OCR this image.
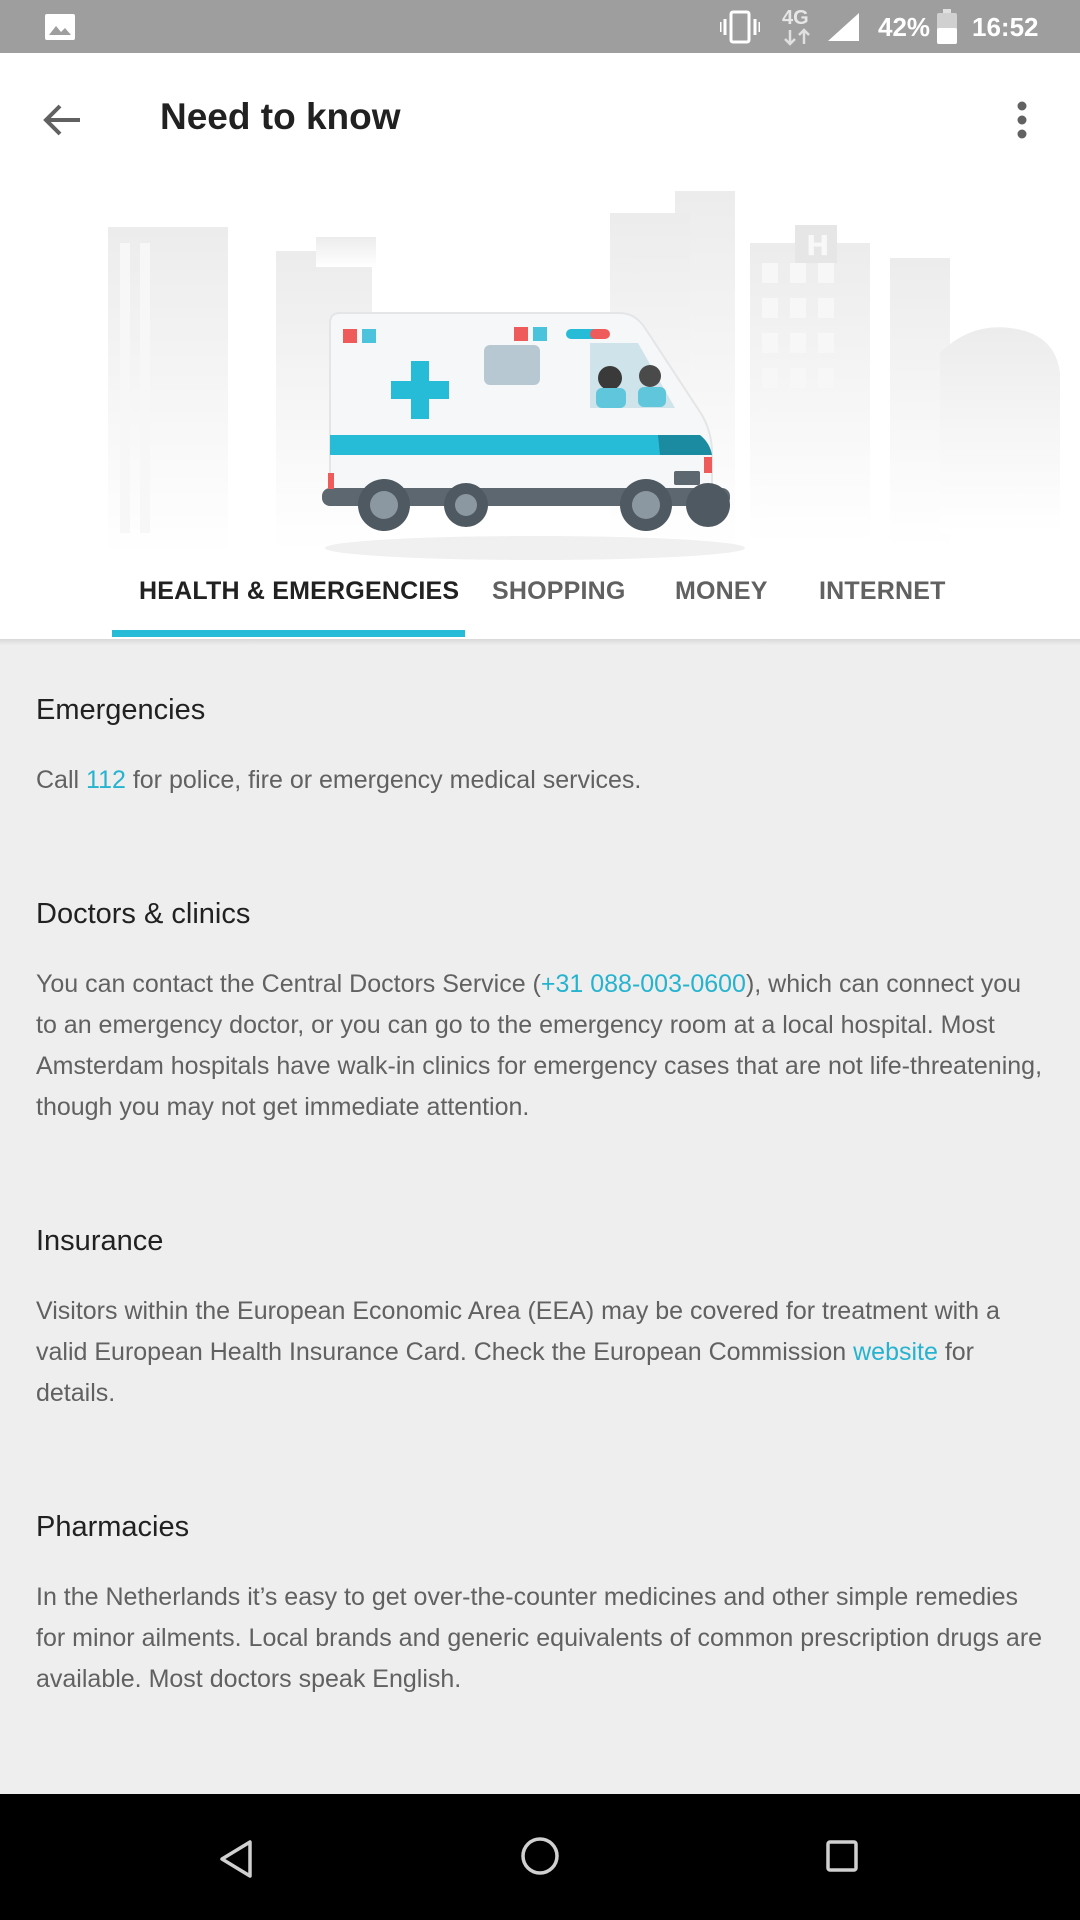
4G	42% 16:52
Need to know
H
HEALTH & EMERGENCIES SHOPPING MONEY INTERNET
Emergencies
Call 112 for police, fire or emergency medical services.
Doctors & clinics
You can contact the Central Doctors Service (+31 088-003-0600), which can connect you to an emergency doctor, or you can go to the emergency room at a local hospital. Most Amsterdam hospitals have walk-in clinics for emergency cases that are not life-threatening, though you may not get immediate attention.
Insurance
Visitors within the European Economic Area (EEA) may be covered for treatment with a valid European Health Insurance Card. Check the European Commission website for details.
Pharmacies
In the Netherlands it’s easy to get over-the-counter medicines and other simple remedies for minor ailments. Local brands and generic equivalents of common prescription drugs are available. Most doctors speak English.
